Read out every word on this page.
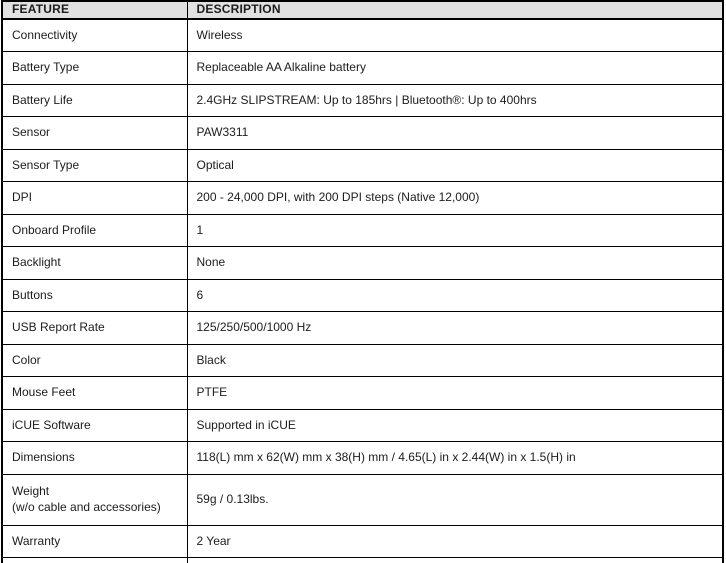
FEATURE	DESCRIPTION

Connectivity	Wireless

Battery Type	Replaceable AA Alkaline battery

Battery Life	2.4GHz SLIPSTREAM: Up to 185hrs | Bluetooth®: Up to 400hrs

Sensor	PAW3311

Sensor Type	Optical

DPI	200 - 24,000 DPI, with 200 DPI steps (Native 12,000)

Onboard Profile	1

Backlight	None

Buttons	6

USB Report Rate	125/250/500/1000 Hz

Color	Black

Mouse Feet	PTFE

iCUE Software	Supported in iCUE

Dimensions	118(L) mm x 62(W) mm x 38(H) mm / 4.65(L) in x 2.44(W) in x 1.5(H) in

Weight
(w/o cable and accessories)	59g / 0.13lbs.

Warranty	2 Year
